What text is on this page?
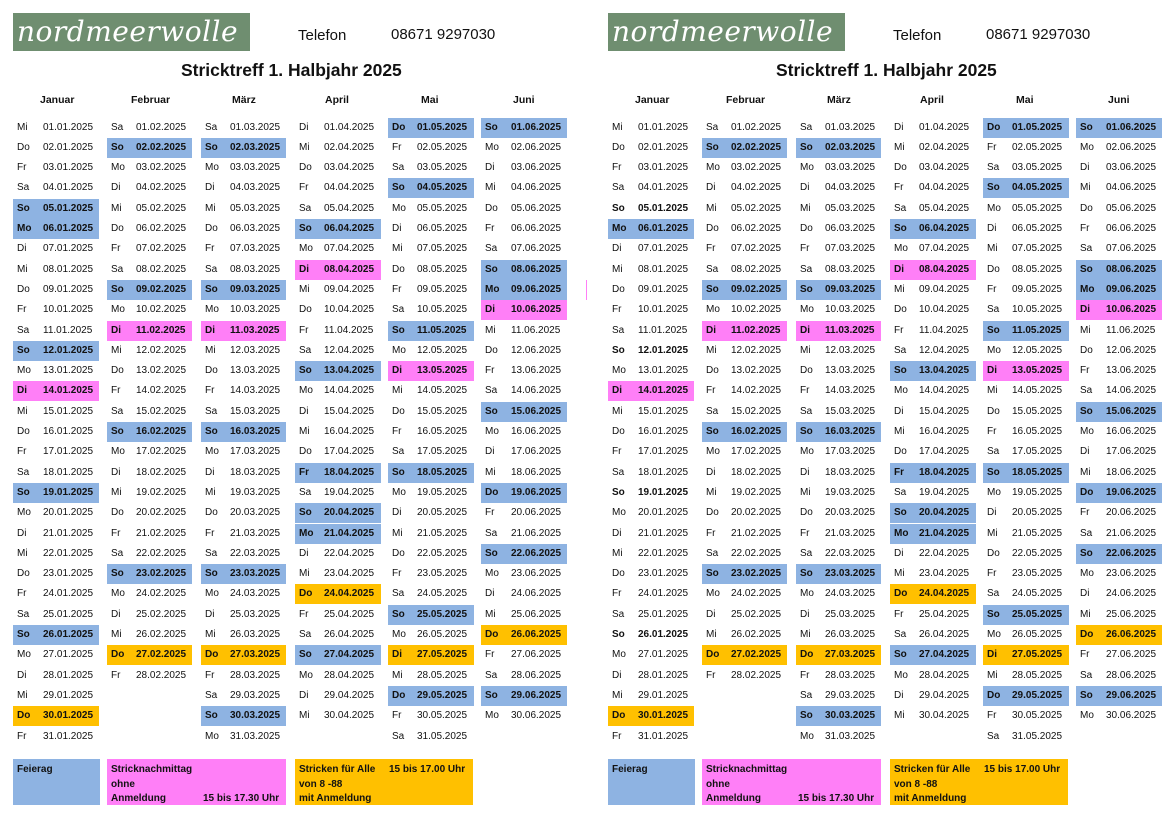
nordmeerwolle	Telefon	08671 9297030
Stricktreff 1. Halbjahr 2025
Januar
Mi 01.01.2025
Do 02.01.2025
Fr 03.01.2025
Sa 04.01.2025
So 05.01.2025
Mo 06.01.2025
Di 07.01.2025
Mi 08.01.2025
Do 09.01.2025
Fr 10.01.2025
Sa 11.01.2025
So 12.01.2025
Mo 13.01.2025
Di 14.01.2025
Mi 15.01.2025
Do 16.01.2025
Fr 17.01.2025
Sa 18.01.2025
So 19.01.2025
Mo 20.01.2025
Di 21.01.2025
Mi 22.01.2025
Do 23.01.2025
Fr 24.01.2025
Sa 25.01.2025
So 26.01.2025
Mo 27.01.2025
Di 28.01.2025
Mi 29.01.2025
Do 30.01.2025
Fr 31.01.2025
Februar
Sa 01.02.2025
So 02.02.2025
Mo 03.02.2025
Di 04.02.2025
Mi 05.02.2025
Do 06.02.2025
Fr 07.02.2025
Sa 08.02.2025
So 09.02.2025
Mo 10.02.2025
Di 11.02.2025
Mi 12.02.2025
Do 13.02.2025
Fr 14.02.2025
Sa 15.02.2025
So 16.02.2025
Mo 17.02.2025
Di 18.02.2025
Mi 19.02.2025
Do 20.02.2025
Fr 21.02.2025
Sa 22.02.2025
So 23.02.2025
Mo 24.02.2025
Di 25.02.2025
Mi 26.02.2025
Do 27.02.2025
Fr 28.02.2025
März
Sa 01.03.2025
So 02.03.2025
Mo 03.03.2025
Di 04.03.2025
Mi 05.03.2025
Do 06.03.2025
Fr 07.03.2025
Sa 08.03.2025
So 09.03.2025
Mo 10.03.2025
Di 11.03.2025
Mi 12.03.2025
Do 13.03.2025
Fr 14.03.2025
Sa 15.03.2025
So 16.03.2025
Mo 17.03.2025
Di 18.03.2025
Mi 19.03.2025
Do 20.03.2025
Fr 21.03.2025
Sa 22.03.2025
So 23.03.2025
Mo 24.03.2025
Di 25.03.2025
Mi 26.03.2025
Do 27.03.2025
Fr 28.03.2025
Sa 29.03.2025
So 30.03.2025
Mo 31.03.2025
April
Di 01.04.2025
Mi 02.04.2025
Do 03.04.2025
Fr 04.04.2025
Sa 05.04.2025
So 06.04.2025
Mo 07.04.2025
Di 08.04.2025
Mi 09.04.2025
Do 10.04.2025
Fr 11.04.2025
Sa 12.04.2025
So 13.04.2025
Mo 14.04.2025
Di 15.04.2025
Mi 16.04.2025
Do 17.04.2025
Fr 18.04.2025
Sa 19.04.2025
So 20.04.2025
Mo 21.04.2025
Di 22.04.2025
Mi 23.04.2025
Do 24.04.2025
Fr 25.04.2025
Sa 26.04.2025
So 27.04.2025
Mo 28.04.2025
Di 29.04.2025
Mi 30.04.2025
Mai
Do 01.05.2025
Fr 02.05.2025
Sa 03.05.2025
So 04.05.2025
Mo 05.05.2025
Di 06.05.2025
Mi 07.05.2025
Do 08.05.2025
Fr 09.05.2025
Sa 10.05.2025
So 11.05.2025
Mo 12.05.2025
Di 13.05.2025
Mi 14.05.2025
Do 15.05.2025
Fr 16.05.2025
Sa 17.05.2025
So 18.05.2025
Mo 19.05.2025
Di 20.05.2025
Mi 21.05.2025
Do 22.05.2025
Fr 23.05.2025
Sa 24.05.2025
So 25.05.2025
Mo 26.05.2025
Di 27.05.2025
Mi 28.05.2025
Do 29.05.2025
Fr 30.05.2025
Sa 31.05.2025
Juni
So 01.06.2025
Mo 02.06.2025
Di 03.06.2025
Mi 04.06.2025
Do 05.06.2025
Fr 06.06.2025
Sa 07.06.2025
So 08.06.2025
Mo 09.06.2025
Di 10.06.2025
Mi 11.06.2025
Do 12.06.2025
Fr 13.06.2025
Sa 14.06.2025
So 15.06.2025
Mo 16.06.2025
Di 17.06.2025
Mi 18.06.2025
Do 19.06.2025
Fr 20.06.2025
Sa 21.06.2025
So 22.06.2025
Mo 23.06.2025
Di 24.06.2025
Mi 25.06.2025
Do 26.06.2025
Fr 27.06.2025
Sa 28.06.2025
So 29.06.2025
Mo 30.06.2025
Feierag	Stricknachmittag
ohne
Anmeldung	15 bis 17.30 Uhr
Stricken für Alle
von 8 -88
mit Anmeldung
15 bis 17.00 Uhr
nordmeerwolle	Telefon	08671 9297030
Stricktreff 1. Halbjahr 2025
Januar
Mi 01.01.2025
Do 02.01.2025
Fr 03.01.2025
Sa 04.01.2025
So 05.01.2025
Mo 06.01.2025
Di 07.01.2025
Mi 08.01.2025
Do 09.01.2025
Fr 10.01.2025
Sa 11.01.2025
So 12.01.2025
Mo 13.01.2025
Di 14.01.2025
Mi 15.01.2025
Do 16.01.2025
Fr 17.01.2025
Sa 18.01.2025
So 19.01.2025
Mo 20.01.2025
Di 21.01.2025
Mi 22.01.2025
Do 23.01.2025
Fr 24.01.2025
Sa 25.01.2025
So 26.01.2025
Mo 27.01.2025
Di 28.01.2025
Mi 29.01.2025
Do 30.01.2025
Fr 31.01.2025
Februar
Sa 01.02.2025
So 02.02.2025
Mo 03.02.2025
Di 04.02.2025
Mi 05.02.2025
Do 06.02.2025
Fr 07.02.2025
Sa 08.02.2025
So 09.02.2025
Mo 10.02.2025
Di 11.02.2025
Mi 12.02.2025
Do 13.02.2025
Fr 14.02.2025
Sa 15.02.2025
So 16.02.2025
Mo 17.02.2025
Di 18.02.2025
Mi 19.02.2025
Do 20.02.2025
Fr 21.02.2025
Sa 22.02.2025
So 23.02.2025
Mo 24.02.2025
Di 25.02.2025
Mi 26.02.2025
Do 27.02.2025
Fr 28.02.2025
März
Sa 01.03.2025
So 02.03.2025
Mo 03.03.2025
Di 04.03.2025
Mi 05.03.2025
Do 06.03.2025
Fr 07.03.2025
Sa 08.03.2025
So 09.03.2025
Mo 10.03.2025
Di 11.03.2025
Mi 12.03.2025
Do 13.03.2025
Fr 14.03.2025
Sa 15.03.2025
So 16.03.2025
Mo 17.03.2025
Di 18.03.2025
Mi 19.03.2025
Do 20.03.2025
Fr 21.03.2025
Sa 22.03.2025
So 23.03.2025
Mo 24.03.2025
Di 25.03.2025
Mi 26.03.2025
Do 27.03.2025
Fr 28.03.2025
Sa 29.03.2025
So 30.03.2025
Mo 31.03.2025
April
Di 01.04.2025
Mi 02.04.2025
Do 03.04.2025
Fr 04.04.2025
Sa 05.04.2025
So 06.04.2025
Mo 07.04.2025
Di 08.04.2025
Mi 09.04.2025
Do 10.04.2025
Fr 11.04.2025
Sa 12.04.2025
So 13.04.2025
Mo 14.04.2025
Di 15.04.2025
Mi 16.04.2025
Do 17.04.2025
Fr 18.04.2025
Sa 19.04.2025
So 20.04.2025
Mo 21.04.2025
Di 22.04.2025
Mi 23.04.2025
Do 24.04.2025
Fr 25.04.2025
Sa 26.04.2025
So 27.04.2025
Mo 28.04.2025
Di 29.04.2025
Mi 30.04.2025
Mai
Do 01.05.2025
Fr 02.05.2025
Sa 03.05.2025
So 04.05.2025
Mo 05.05.2025
Di 06.05.2025
Mi 07.05.2025
Do 08.05.2025
Fr 09.05.2025
Sa 10.05.2025
So 11.05.2025
Mo 12.05.2025
Di 13.05.2025
Mi 14.05.2025
Do 15.05.2025
Fr 16.05.2025
Sa 17.05.2025
So 18.05.2025
Mo 19.05.2025
Di 20.05.2025
Mi 21.05.2025
Do 22.05.2025
Fr 23.05.2025
Sa 24.05.2025
So 25.05.2025
Mo 26.05.2025
Di 27.05.2025
Mi 28.05.2025
Do 29.05.2025
Fr 30.05.2025
Sa 31.05.2025
Juni
So 01.06.2025
Mo 02.06.2025
Di 03.06.2025
Mi 04.06.2025
Do 05.06.2025
Fr 06.06.2025
Sa 07.06.2025
So 08.06.2025
Mo 09.06.2025
Di 10.06.2025
Mi 11.06.2025
Do 12.06.2025
Fr 13.06.2025
Sa 14.06.2025
So 15.06.2025
Mo 16.06.2025
Di 17.06.2025
Mi 18.06.2025
Do 19.06.2025
Fr 20.06.2025
Sa 21.06.2025
So 22.06.2025
Mo 23.06.2025
Di 24.06.2025
Mi 25.06.2025
Do 26.06.2025
Fr 27.06.2025
Sa 28.06.2025
So 29.06.2025
Mo 30.06.2025
Feierag	Stricknachmittag
ohne
Anmeldung	15 bis 17.30 Uhr
Stricken für Alle
von 8 -88
mit Anmeldung
15 bis 17.00 Uhr
